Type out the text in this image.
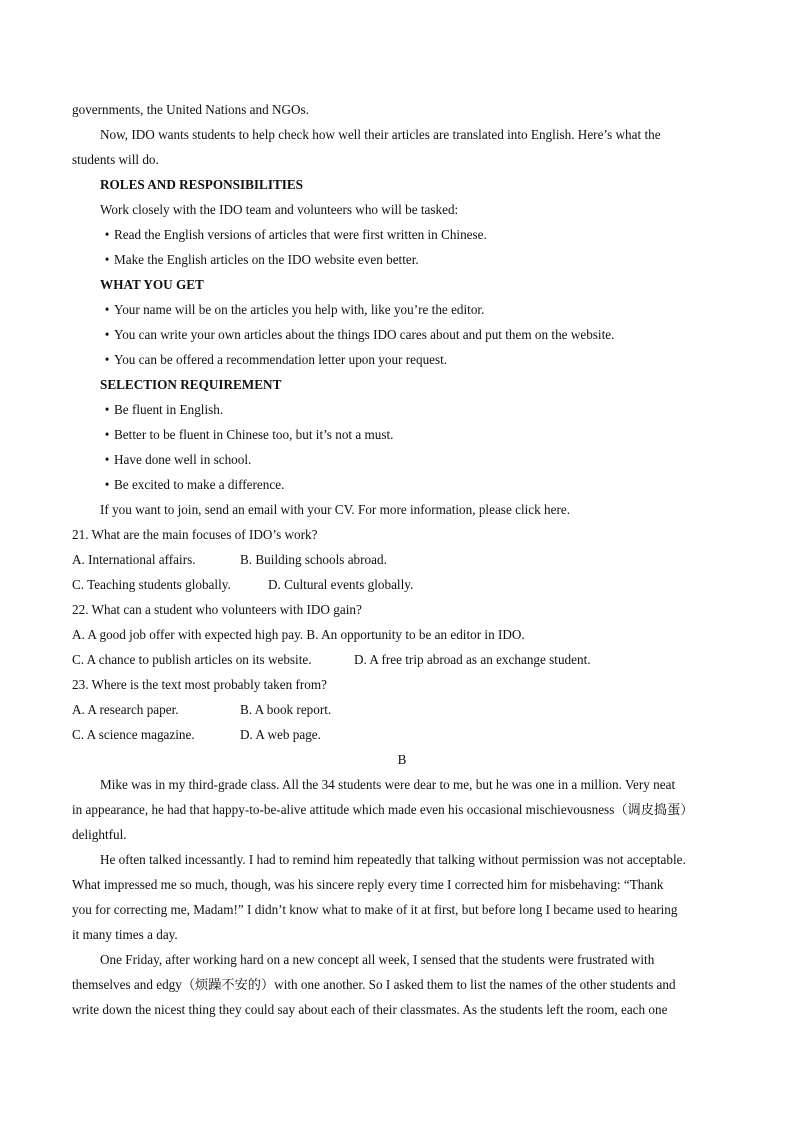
governments, the United Nations and NGOs.
Now, IDO wants students to help check how well their articles are translated into English. Here’s what the
students will do.
ROLES AND RESPONSIBILITIES
Work closely with the IDO team and volunteers who will be tasked:
• Read the English versions of articles that were first written in Chinese.
• Make the English articles on the IDO website even better.
WHAT YOU GET
• Your name will be on the articles you help with, like you’re the editor.
• You can write your own articles about the things IDO cares about and put them on the website.
• You can be offered a recommendation letter upon your request.
SELECTION REQUIREMENT
• Be fluent in English.
• Better to be fluent in Chinese too, but it’s not a must.
• Have done well in school.
• Be excited to make a difference.
If you want to join, send an email with your CV. For more information, please click here.
21. What are the main focuses of IDO’s work?
A. International affairs.	B. Building schools abroad.
C. Teaching students globally.	D. Cultural events globally.
22. What can a student who volunteers with IDO gain?
A. A good job offer with expected high pay. B. An opportunity to be an editor in IDO.
C. A chance to publish articles on its website.	D. A free trip abroad as an exchange student.
23. Where is the text most probably taken from?
A. A research paper.	B. A book report.
C. A science magazine.	D. A web page.
B
Mike was in my third-grade class. All the 34 students were dear to me, but he was one in a million. Very neat
in appearance, he had that happy-to-be-alive attitude which made even his occasional mischievousness（调皮捣蛋）
delightful.
He often talked incessantly. I had to remind him repeatedly that talking without permission was not acceptable.
What impressed me so much, though, was his sincere reply every time I corrected him for misbehaving: “Thank
you for correcting me, Madam!” I didn’t know what to make of it at first, but before long I became used to hearing
it many times a day.
One Friday, after working hard on a new concept all week, I sensed that the students were frustrated with
themselves and edgy（烦躁不安的）with one another. So I asked them to list the names of the other students and
write down the nicest thing they could say about each of their classmates. As the students left the room, each one
